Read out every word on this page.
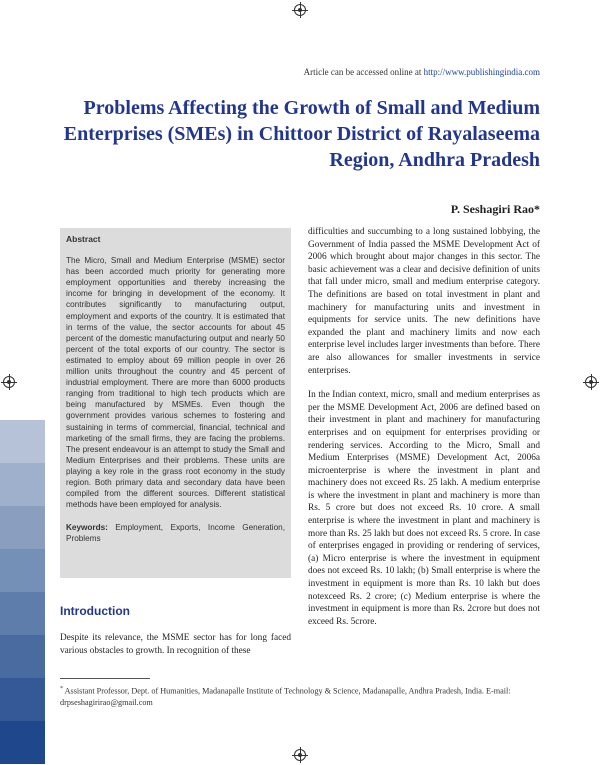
Article can be accessed online at http://www.publishingindia.com
Problems Affecting the Growth of Small and Medium Enterprises (SMEs) in Chittoor District of Rayalaseema Region, Andhra Pradesh
P. Seshagiri Rao*

Abstract

The Micro, Small and Medium Enterprise (MSME) sector has been accorded much priority for generating more employment opportunities and thereby increasing the income for bringing in development of the economy. It contributes significantly to manufacturing output, employment and exports of the country. It is estimated that in terms of the value, the sector accounts for about 45 percent of the domestic manufacturing output and nearly 50 percent of the total exports of our country. The sector is estimated to employ about 69 million people in over 26 million units throughout the country and 45 percent of industrial employment. There are more than 6000 products ranging from traditional to high tech products which are being manufactured by MSMEs. Even though the government provides various schemes to fostering and sustaining in terms of commercial, financial, technical and marketing of the small firms, they are facing the problems. The present endeavour is an attempt to study the Small and Medium Enterprises and their problems. These units are playing a key role in the grass root economy in the study region. Both primary data and secondary data have been compiled from the different sources. Different statistical methods have been employed for analysis.

Keywords: Employment, Exports, Income Generation, Problems

Introduction

Despite its relevance, the MSME sector has for long faced various obstacles to growth. In recognition of these

difficulties and succumbing to a long sustained lobbying, the Government of India passed the MSME Development Act of 2006 which brought about major changes in this sector. The basic achievement was a clear and decisive definition of units that fall under micro, small and medium enterprise category. The definitions are based on total investment in plant and machinery for manufacturing units and investment in equipments for service units. The new definitions have expanded the plant and machinery limits and now each enterprise level includes larger investments than before. There are also allowances for smaller investments in service enterprises.

In the Indian context, micro, small and medium enterprises as per the MSME Development Act, 2006 are defined based on their investment in plant and machinery for manufacturing enterprises and on equipment for enterprises providing or rendering services. According to the Micro, Small and Medium Enterprises (MSME) Development Act, 2006a microenterprise is where the investment in plant and machinery does not exceed Rs. 25 lakh. A medium enterprise is where the investment in plant and machinery is more than Rs. 5 crore but does not exceed Rs. 10 crore. A small enterprise is where the investment in plant and machinery is more than Rs. 25 lakh but does not exceed Rs. 5 crore. In case of enterprises engaged in providing or rendering of services, (a) Micro enterprise is where the investment in equipment does not exceed Rs. 10 lakh; (b) Small enterprise is where the investment in equipment is more than Rs. 10 lakh but does notexceed Rs. 2 crore; (c) Medium enterprise is where the investment in equipment is more than Rs. 2crore but does not exceed Rs. 5crore.

* Assistant Professor, Dept. of Humanities, Madanapalle Institute of Technology & Science, Madanapalle, Andhra Pradesh, India. E-mail: drpseshagirirao@gmail.com
